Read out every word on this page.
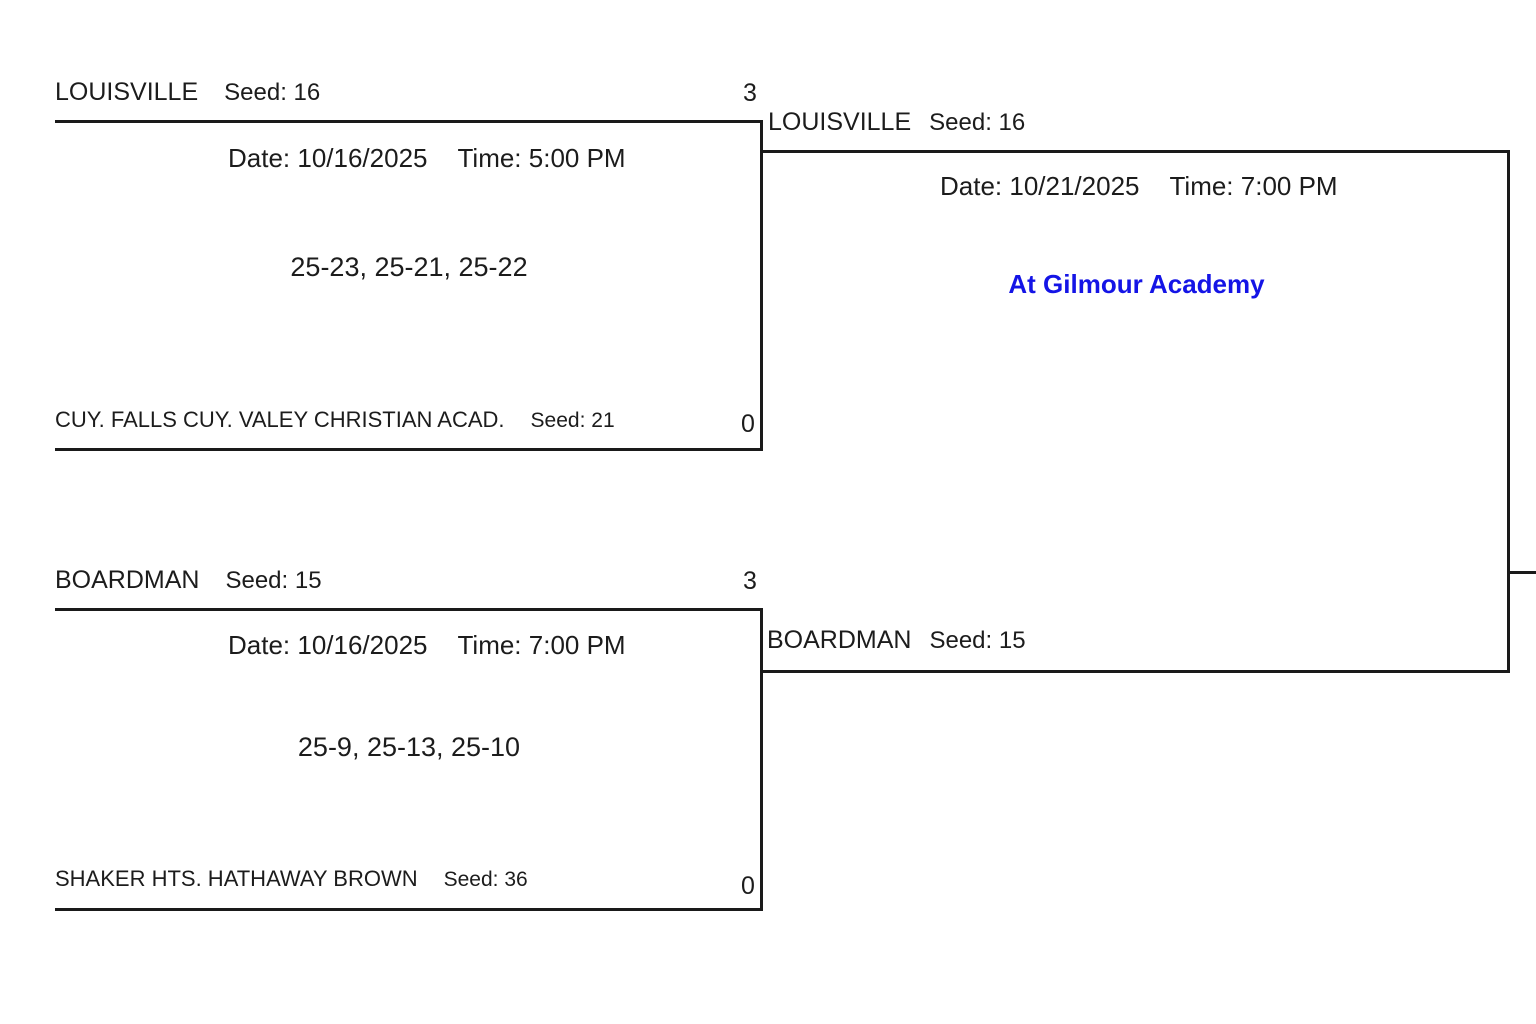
LOUISVILLE Seed: 16	3
Date: 10/16/2025 Time: 5:00 PM
25-23, 25-21, 25-22
CUY. FALLS CUY. VALEY CHRISTIAN ACAD. Seed: 21	0
BOARDMAN Seed: 15	3
Date: 10/16/2025 Time: 7:00 PM
25-9, 25-13, 25-10
SHAKER HTS. HATHAWAY BROWN Seed: 36	0
LOUISVILLE Seed: 16
Date: 10/21/2025 Time: 7:00 PM
At Gilmour Academy
BOARDMAN Seed: 15
